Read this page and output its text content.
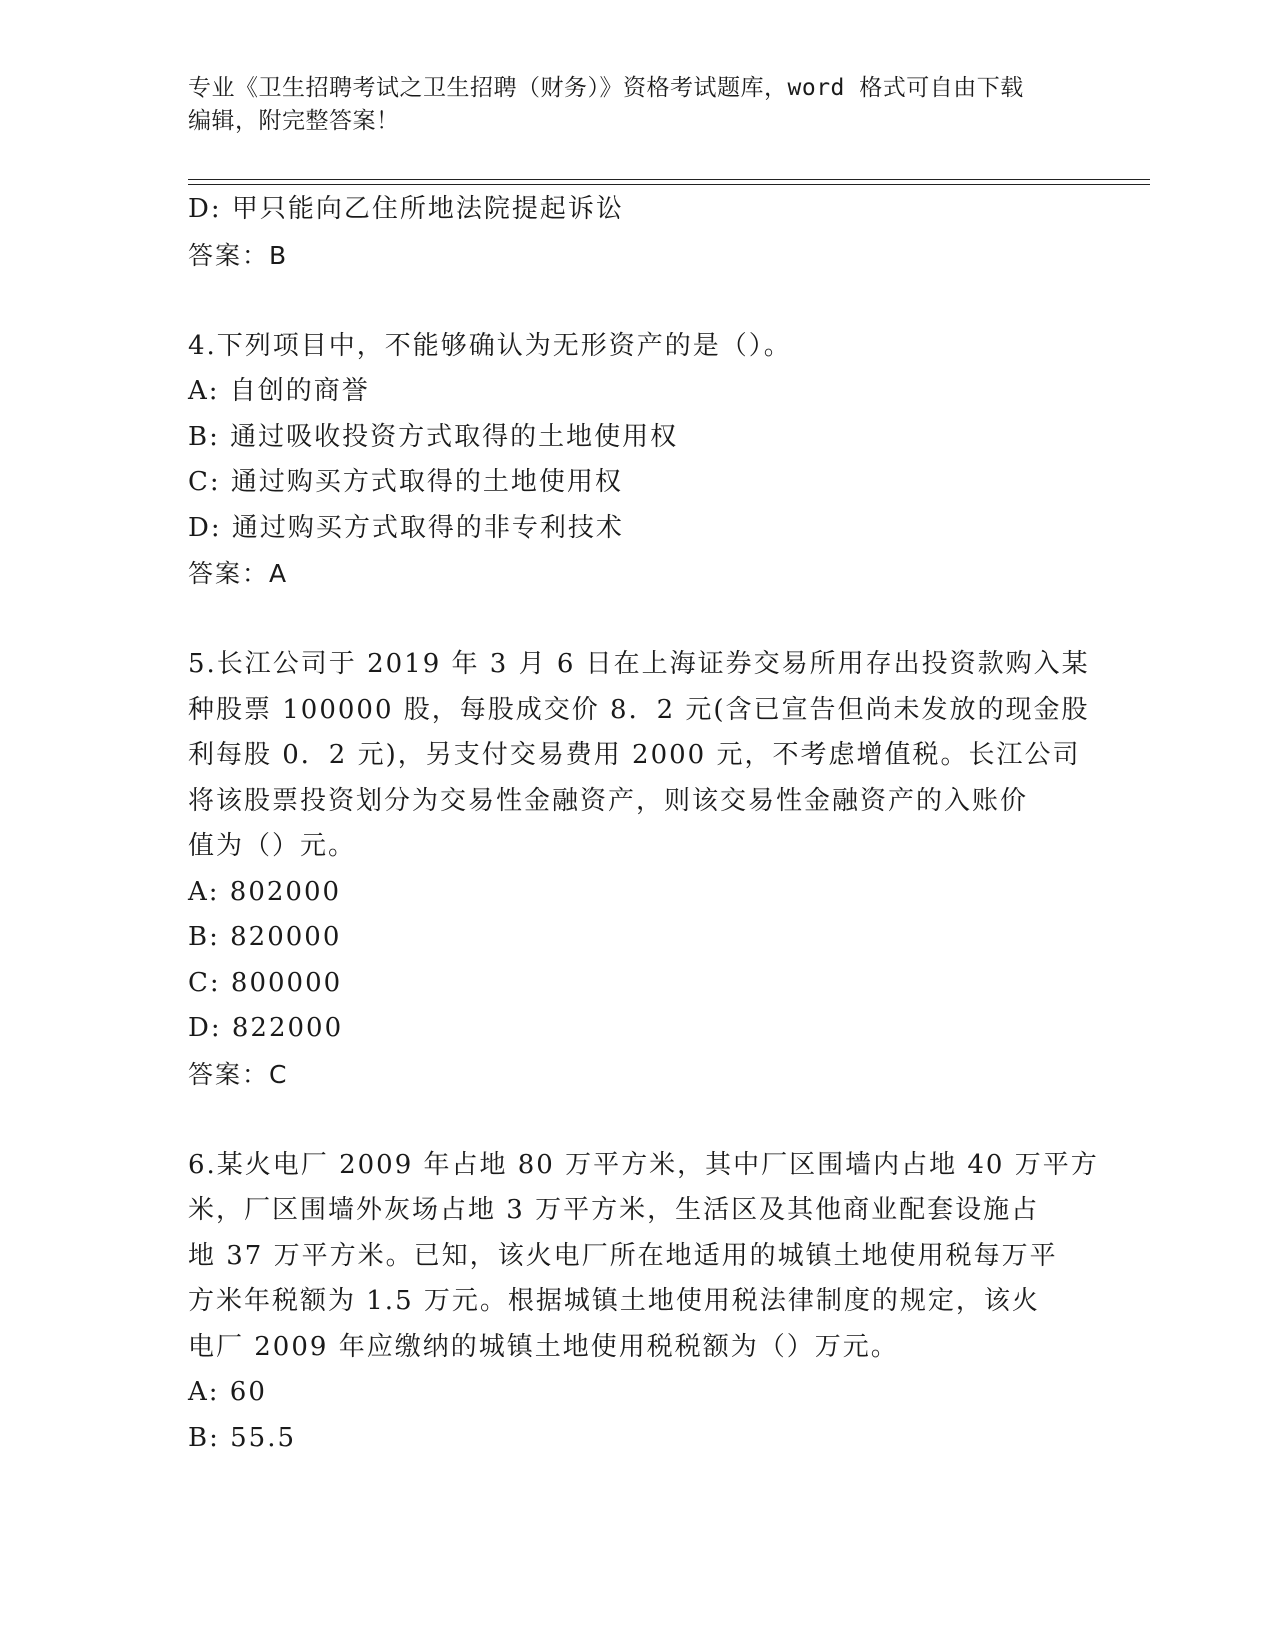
专业《卫生招聘考试之卫生招聘（财务）》资格考试题库，word 格式可自由下载
编辑，附完整答案！
D: 甲只能向乙住所地法院提起诉讼
答案：B
4.下列项目中，不能够确认为无形资产的是（）。
A: 自创的商誉
B: 通过吸收投资方式取得的土地使用权
C: 通过购买方式取得的土地使用权
D: 通过购买方式取得的非专利技术
答案：A
5.长江公司于 2019 年 3 月 6 日在上海证券交易所用存出投资款购入某
种股票 100000 股，每股成交价 8．2 元(含已宣告但尚未发放的现金股
利每股 0．2 元)，另支付交易费用 2000 元，不考虑增值税。长江公司
将该股票投资划分为交易性金融资产，则该交易性金融资产的入账价
值为（）元。
A: 802000
B: 820000
C: 800000
D: 822000
答案：C
6.某火电厂 2009 年占地 80 万平方米，其中厂区围墙内占地 40 万平方
米，厂区围墙外灰场占地 3 万平方米，生活区及其他商业配套设施占
地 37 万平方米。已知，该火电厂所在地适用的城镇土地使用税每万平
方米年税额为 1.5 万元。根据城镇土地使用税法律制度的规定，该火
电厂 2009 年应缴纳的城镇土地使用税税额为（）万元。
A: 60
B: 55.5
